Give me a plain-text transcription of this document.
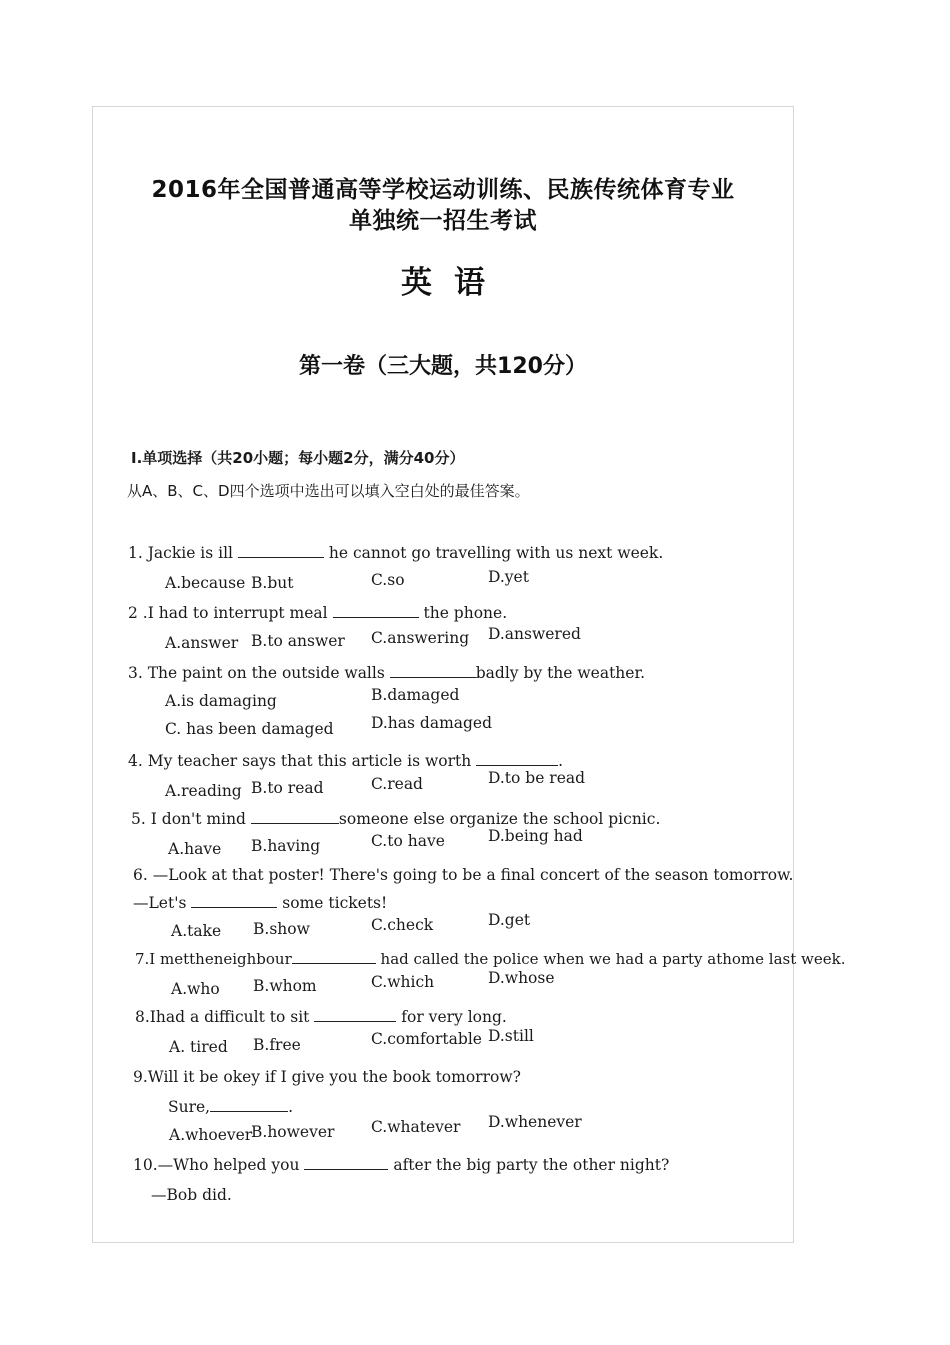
2016年全国普通高等学校运动训练、民族传统体育专业
单独统一招生考试
英语
第一卷（三大题，共120分）
Ⅰ.单项选择（共20小题；每小题2分，满分40分）
从A、B、C、D四个选项中选出可以填入空白处的最佳答案。
1. Jackie is ill	he cannot go travelling with us next week.
A.because B.but	C.so	D.yet
2 .I had to interrupt meal	the phone.
A.answer B.to answer C.answering D.answered
3. The paint on the outside walls	badly by the weather.
A.is damaging	B.damaged
C. has been damaged D.has damaged
4. My teacher says that this article is worth	.
A.reading B.to read	C.read	D.to be read
5. I don't mind	someone else organize the school picnic.
A.have B.having	C.to have	D.being had
6. —Look at that poster! There's going to be a final concert of the season tomorrow.
—Let's	some tickets!
A.take B.show	C.check	D.get
7.I mettheneighbour	had called the police when we had a party athome last week.
A.who B.whom	C.which	D.whose
8.Ihad a difficult to sit	for very long.
A. tired B.free	C.comfortable D.still
9.Will it be okey if I give you the book tomorrow?
Sure,	.
A.whoever
B.however C.whatever D.whenever
10.—Who helped you	after the big party the other night?
—Bob did.
